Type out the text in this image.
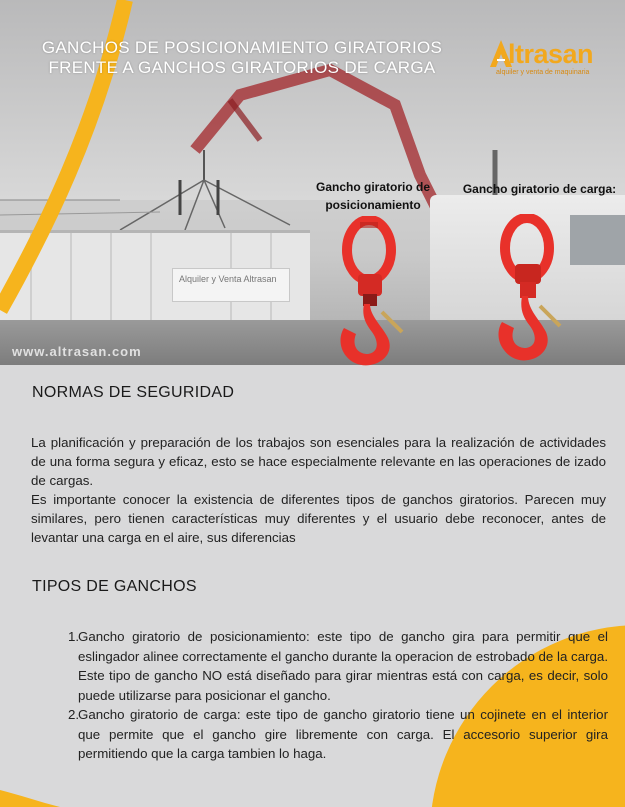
Alquiler y Venta Altrasan
www.altrasan.com
GANCHOS DE POSICIONAMIENTO GIRATORIOS
FRENTE A GANCHOS GIRATORIOS DE CARGA	ltrasan
alquiler y venta de maquinaria
Gancho giratorio de posicionamiento
Gancho giratorio de carga:
NORMAS DE SEGURIDAD

La planificación y preparación de los trabajos son esenciales para la realización de actividades de una forma segura y eficaz, esto se hace especialmente relevante en las operaciones de izado de cargas.

Es importante conocer la existencia de diferentes tipos de ganchos giratorios. Parecen muy similares, pero tienen características muy diferentes y el usuario debe reconocer, antes de levantar una carga en el aire, sus diferencias

TIPOS DE GANCHOS
1.
Gancho giratorio de posicionamiento: este tipo de gancho gira para permitir que el eslingador alinee correctamente el gancho durante la operacion de estrobado de la carga. Este tipo de gancho NO está diseñado para girar mientras está con carga, es decir, solo puede utilizarse para posicionar el gancho.
2.
Gancho giratorio de carga: este tipo de gancho giratorio tiene un cojinete en el interior que permite que el gancho gire libremente con carga. El accesorio superior gira permitiendo que la carga tambien lo haga.
